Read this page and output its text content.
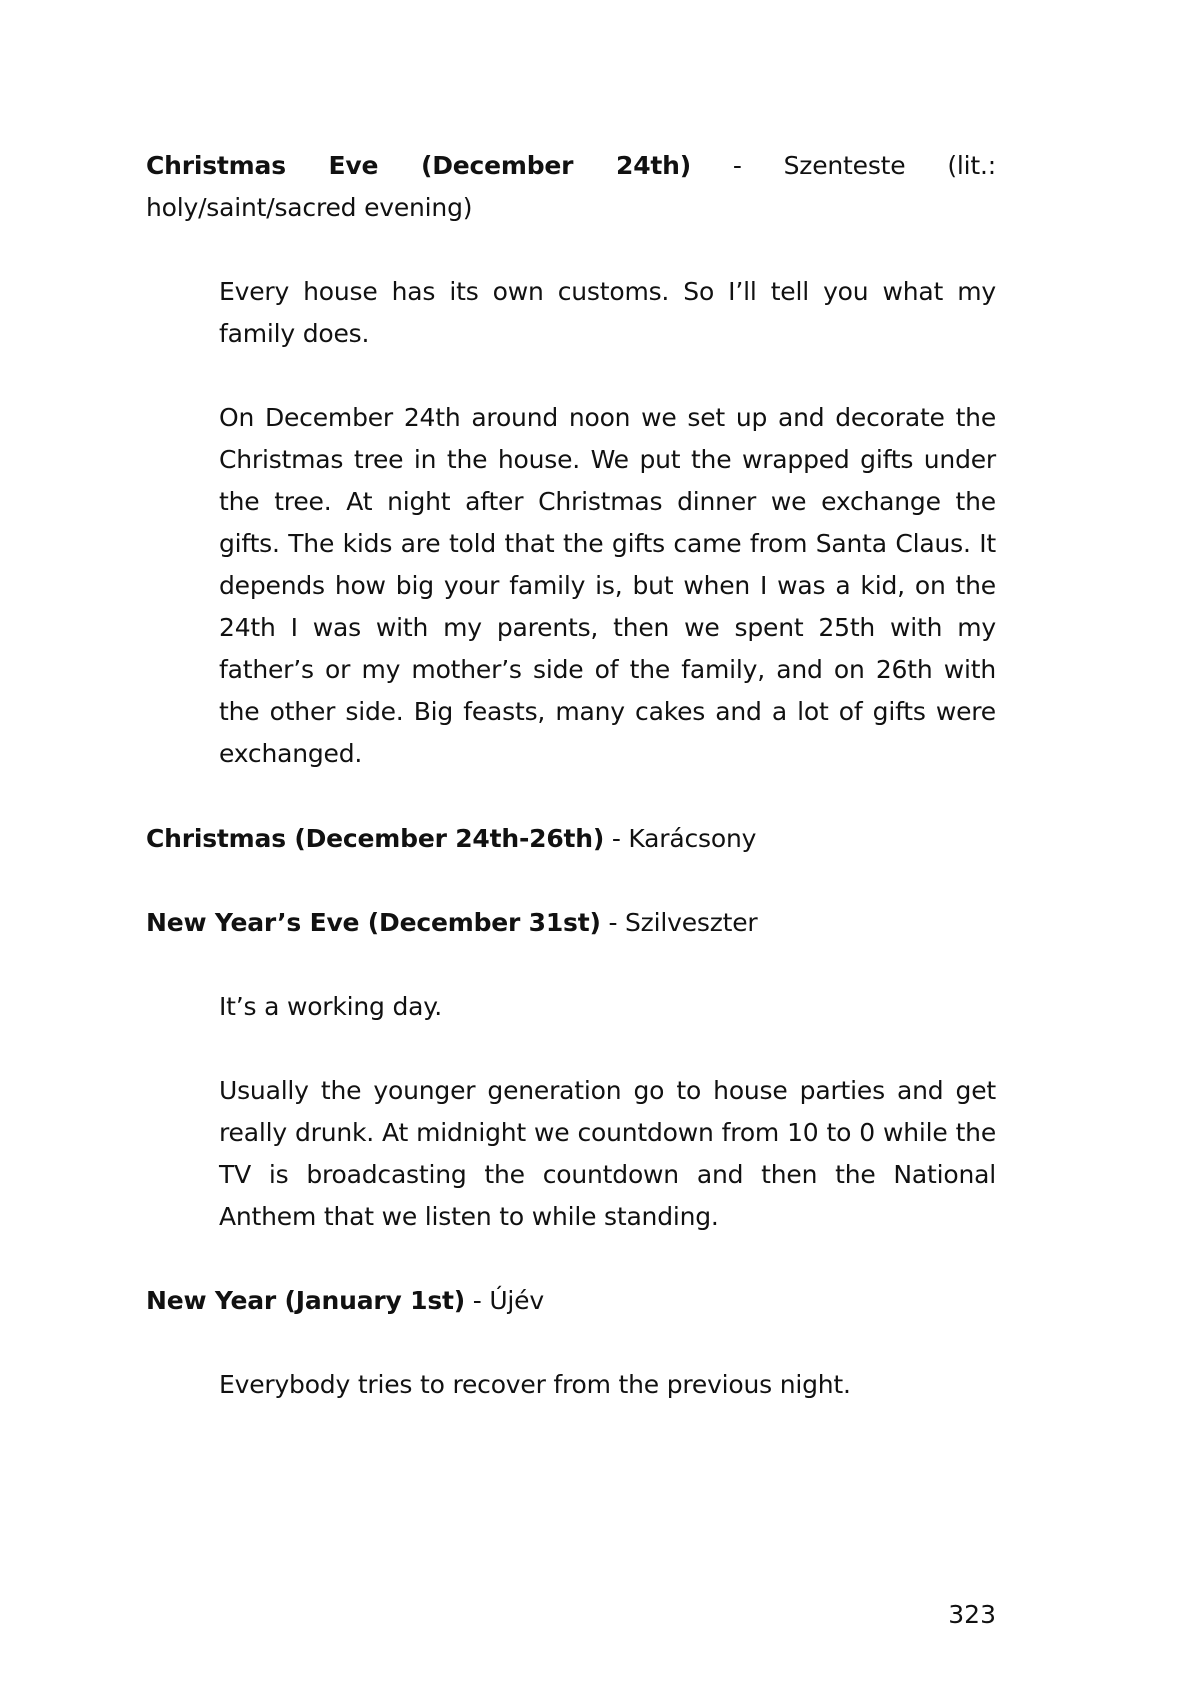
Christmas Eve (December 24th) - Szenteste (lit.: holy/saint/sacred evening)

Every house has its own customs. So I’ll tell you what my family does.

On December 24th around noon we set up and decorate the Christmas tree in the house. We put the wrapped gifts under the tree. At night after Christmas dinner we exchange the gifts. The kids are told that the gifts came from Santa Claus. It depends how big your family is, but when I was a kid, on the 24th I was with my parents, then we spent 25th with my father’s or my mother’s side of the family, and on 26th with the other side. Big feasts, many cakes and a lot of gifts were exchanged.

Christmas (December 24th-26th) - Karácsony

New Year’s Eve (December 31st) - Szilveszter

It’s a working day.

Usually the younger generation go to house parties and get really drunk. At midnight we countdown from 10 to 0 while the TV is broadcasting the countdown and then the National Anthem that we listen to while standing.

New Year (January 1st) - Újév

Everybody tries to recover from the previous night.

323
